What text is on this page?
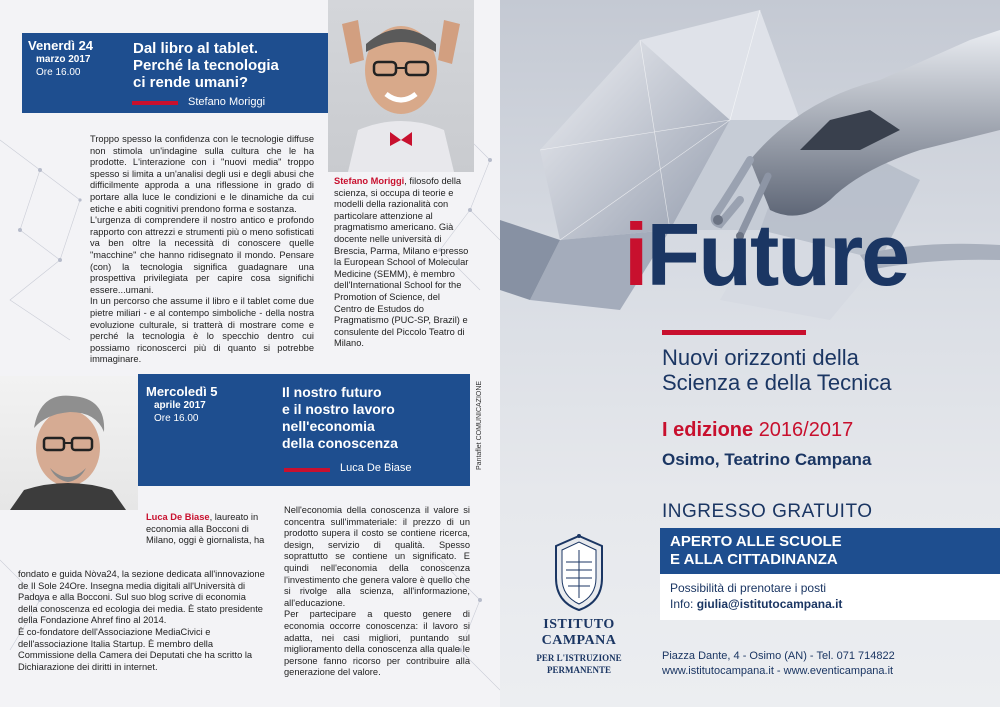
Venerdì 24
marzo 2017
Ore 16.00
Dal libro al tablet.
Perché la tecnologia
ci rende umani?
Stefano Moriggi

Troppo spesso la confidenza con le tecnologie diffuse non stimola un'indagine sulla cultura che le ha prodotte. L'interazione con i "nuovi media" troppo spesso si limita a un'analisi degli usi e degli abusi che difficilmente approda a una riflessione in grado di portare alla luce le condizioni e le dinamiche da cui etiche e abiti cognitivi prendono forma e sostanza.

L'urgenza di comprendere il nostro antico e profondo rapporto con attrezzi e strumenti più o meno sofisticati va ben oltre la necessità di conoscere quelle "macchine" che hanno ridisegnato il mondo. Pensare (con) la tecnologia significa guadagnare una prospettiva privilegiata per capire cosa significhi essere...umani.

In un percorso che assume il libro e il tablet come due pietre miliari - e al contempo simboliche - della nostra evoluzione culturale, si tratterà di mostrare come e perché la tecnologia è lo specchio dentro cui possiamo riconoscerci più di quanto si potrebbe immaginare.

Stefano Moriggi, filosofo della scienza, si occupa di teorie e modelli della razionalità con particolare attenzione al pragmatismo americano. Già docente nelle università di Brescia, Parma, Milano e presso la European School of Molecular Medicine (SEMM), è membro dell'International School for the Promotion of Science, del Centro de Estudos do Pragmatismo (PUC-SP, Brazil) e consulente del Piccolo Teatro di Milano.
Mercoledì 5
aprile 2017
Ore 16.00
Il nostro futuro
e il nostro lavoro
nell'economia
della conoscenza
Luca De Biase
Luca De Biase, laureato in economia alla Bocconi di Milano, oggi è giornalista, ha

fondato e guida Nòva24, la sezione dedicata all'innovazione de Il Sole 24Ore. Insegna media digitali all'Università di Padova e alla Bocconi. Sul suo blog scrive di economia della conoscenza ed ecologia dei media. È stato presidente della Fondazione Ahref fino al 2014.

È co-fondatore dell'Associazione MediaCivici e dell'associazione Italia Startup. È membro della Commissione della Camera dei Deputati che ha scritto la Dichiarazione dei diritti in internet.

Nell'economia della conoscenza il valore si concentra sull'immateriale: il prezzo di un prodotto supera il costo se contiene ricerca, design, servizio di qualità. Spesso soprattutto se contiene un significato. E quindi nell'economia della conoscenza l'investimento che genera valore è quello che si rivolge alla scienza, all'informazione, all'educazione.

Per partecipare a questo genere di economia occorre conoscenza: il lavoro si adatta, nei casi migliori, puntando sul miglioramento della conoscenza alla quale le persone fanno ricorso per contribuire alla generazione del valore.

Pantaflet COMUNICAZIONE
iFuture
Nuovi orizzonti della
Scienza e della Tecnica
I edizione 2016/2017
Osimo, Teatrino Campana
INGRESSO GRATUITO
APERTO ALLE SCUOLE
E ALLA CITTADINANZA
Possibilità di prenotare i posti
Info: giulia@istitutocampana.it
ISTITUTO
CAMPANA
PER L'ISTRUZIONE
PERMANENTE
Piazza Dante, 4 - Osimo (AN) - Tel. 071 714822
www.istitutocampana.it - www.eventicampana.it
